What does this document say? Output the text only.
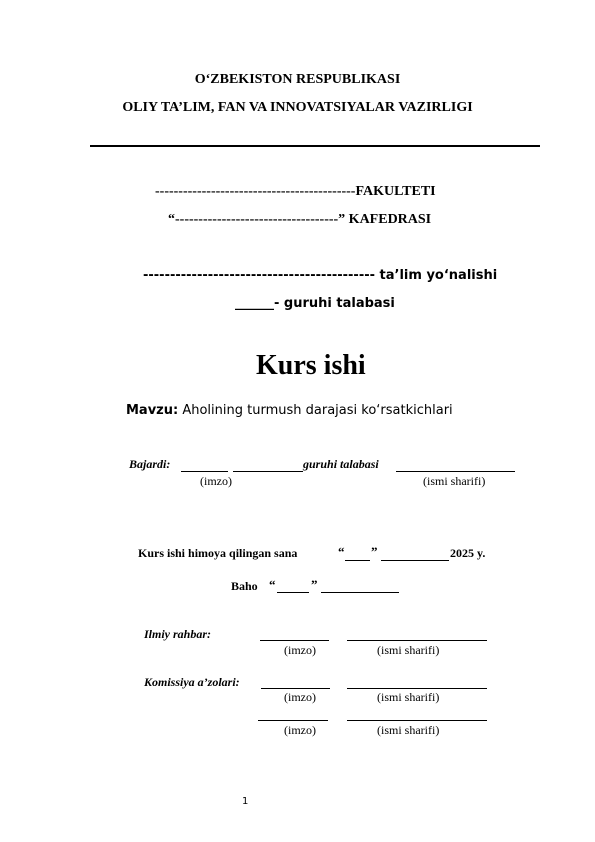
O‘ZBEKISTON RESPUBLIKASI
OLIY TA’LIM, FAN VA INNOVATSIYALAR VAZIRLIGI
-------------------------------------------FAKULTETI
“-----------------------------------” KAFEDRASI
------------------------------------------- ta’lim yo‘nalishi
______- guruhi talabasi
Kurs ishi
Mavzu: Aholining turmush darajasi ko‘rsatkichlari
Bajardi:	guruhi talabasi
(imzo)	(ismi sharifi)
Kurs ishi himoya qilingan sana	“ ”	2025 y.
Baho “	”
Ilmiy rahbar:
(imzo)	(ismi sharifi)
Komissiya a’zolari:
(imzo)	(ismi sharifi)
(imzo)	(ismi sharifi)
1
